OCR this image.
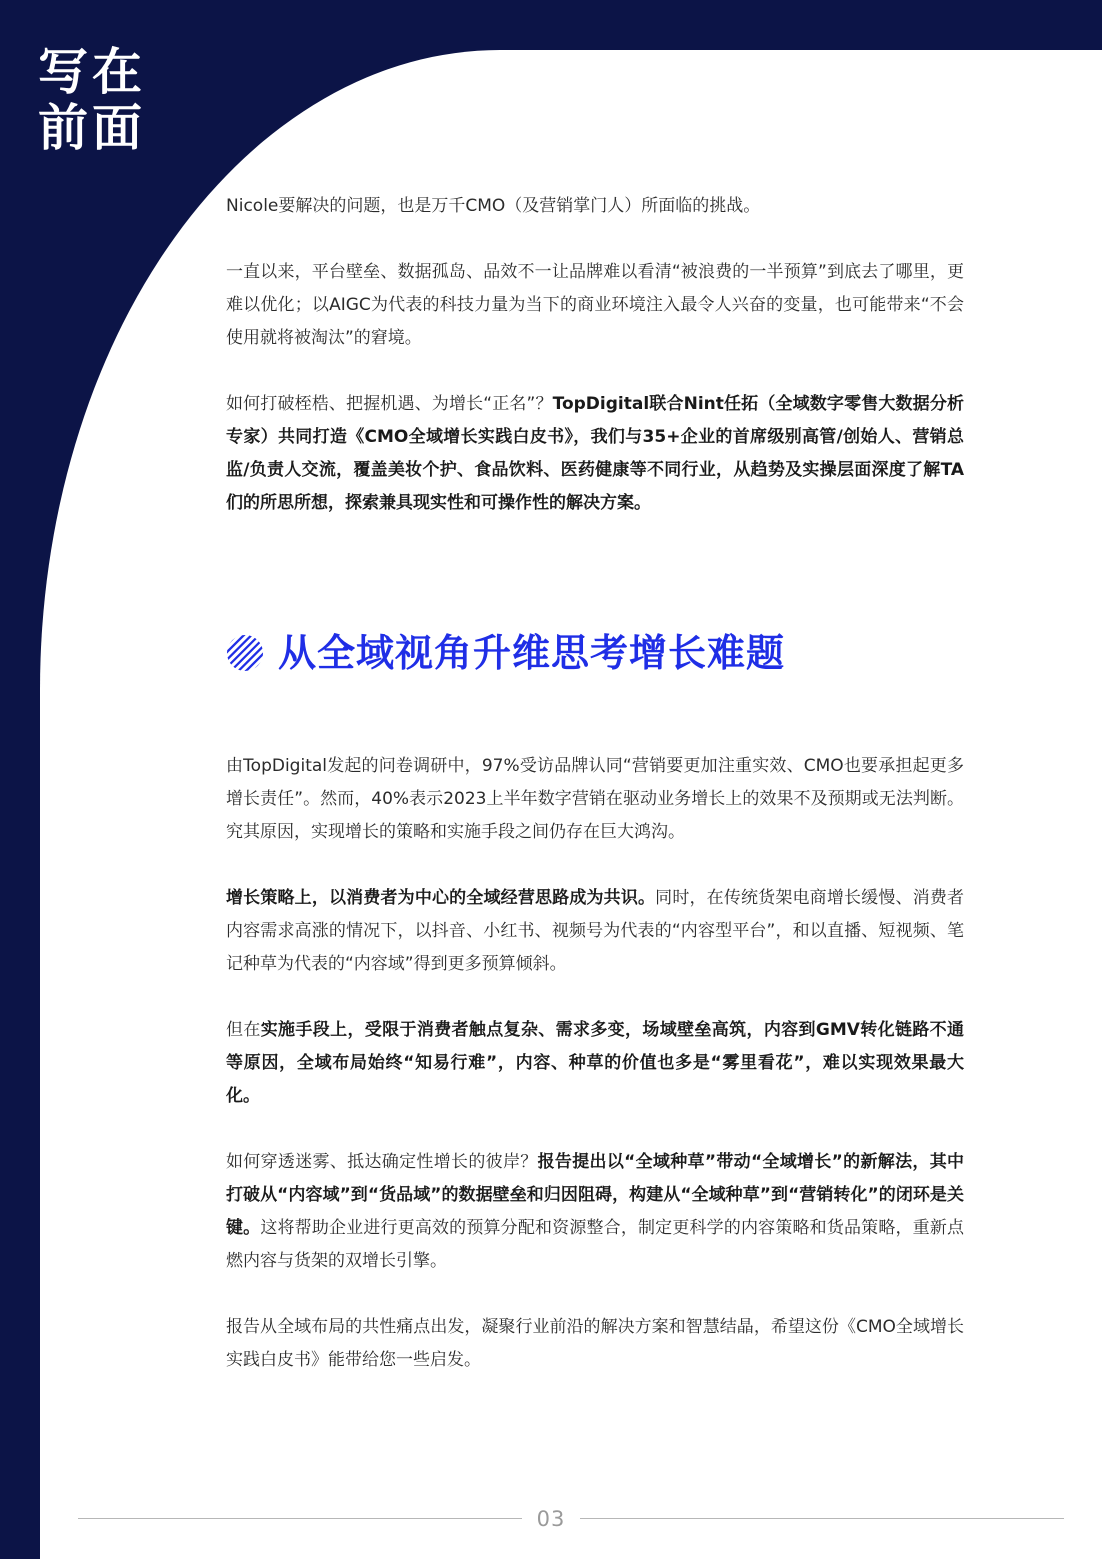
写在
前面

Nicole要解决的问题，也是万千CMO（及营销掌门人）所面临的挑战。

一直以来，平台壁垒、数据孤岛、品效不一让品牌难以看清“被浪费的一半预算”到底去了哪里，更难以优化；以AIGC为代表的科技力量为当下的商业环境注入最令人兴奋的变量，也可能带来“不会使用就将被淘汰”的窘境。

如何打破桎梏、把握机遇、为增长“正名”？TopDigital联合Nint任拓（全域数字零售大数据分析专家）共同打造《CMO全域增长实践白皮书》，我们与35+企业的首席级别高管/创始人、营销总监/负责人交流，覆盖美妆个护、食品饮料、医药健康等不同行业，从趋势及实操层面深度了解TA们的所思所想，探索兼具现实性和可操作性的解决方案。

从全域视角升维思考增长难题

由TopDigital发起的问卷调研中，97%受访品牌认同“营销要更加注重实效、CMO也要承担起更多增长责任”。然而，40%表示2023上半年数字营销在驱动业务增长上的效果不及预期或无法判断。究其原因，实现增长的策略和实施手段之间仍存在巨大鸿沟。

增长策略上，以消费者为中心的全域经营思路成为共识。同时，在传统货架电商增长缓慢、消费者内容需求高涨的情况下，以抖音、小红书、视频号为代表的“内容型平台”，和以直播、短视频、笔记种草为代表的“内容域”得到更多预算倾斜。

但在实施手段上，受限于消费者触点复杂、需求多变，场域壁垒高筑，内容到GMV转化链路不通等原因，全域布局始终“知易行难”，内容、种草的价值也多是“雾里看花”，难以实现效果最大化。

如何穿透迷雾、抵达确定性增长的彼岸？报告提出以“全域种草”带动“全域增长”的新解法，其中打破从“内容域”到“货品域”的数据壁垒和归因阻碍，构建从“全域种草”到“营销转化”的闭环是关键。这将帮助企业进行更高效的预算分配和资源整合，制定更科学的内容策略和货品策略，重新点燃内容与货架的双增长引擎。

报告从全域布局的共性痛点出发，凝聚行业前沿的解决方案和智慧结晶，希望这份《CMO全域增长实践白皮书》能带给您一些启发。

03
